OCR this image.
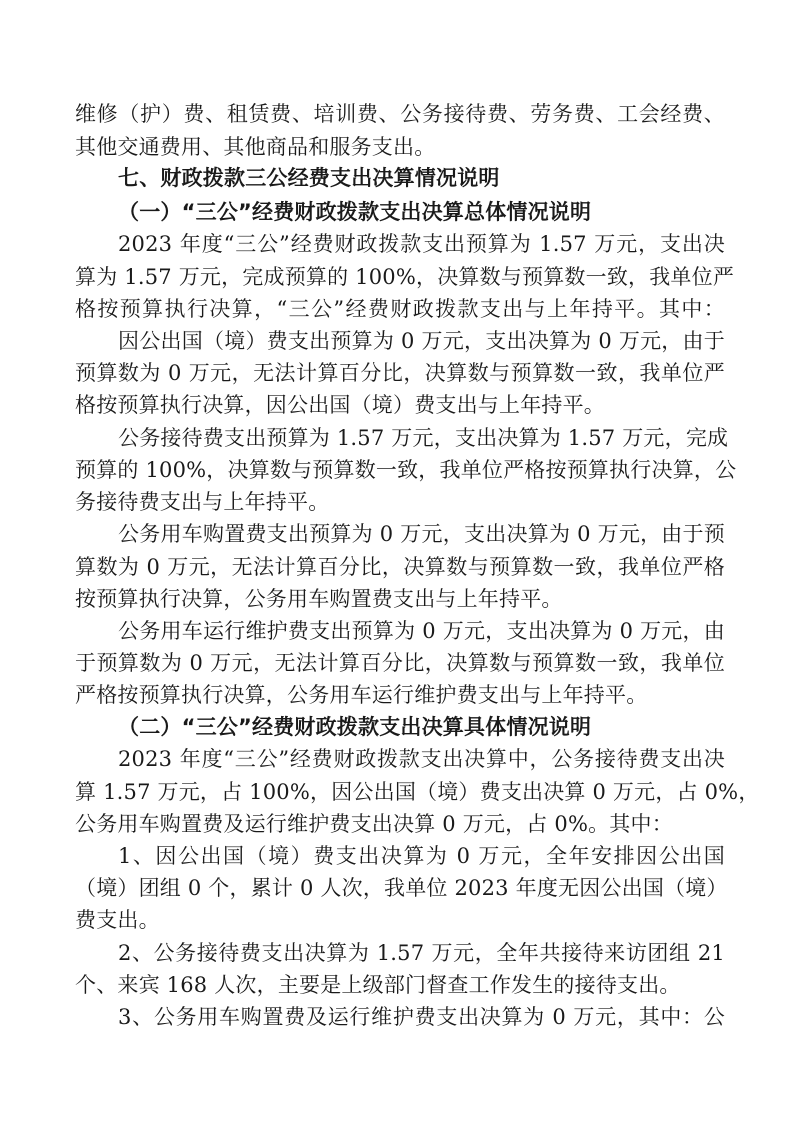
维修（护）费、租赁费、培训费、公务接待费、劳务费、工会经费、
其他交通费用、其他商品和服务支出。
七、财政拨款三公经费支出决算情况说明
（一）“三公”经费财政拨款支出决算总体情况说明
2023 年度“三公”经费财政拨款支出预算为 1.57 万元，支出决
算为 1.57 万元，完成预算的 100%，决算数与预算数一致，我单位严
格按预算执行决算，“三公”经费财政拨款支出与上年持平。其中：
因公出国（境）费支出预算为 0 万元，支出决算为 0 万元，由于
预算数为 0 万元，无法计算百分比，决算数与预算数一致，我单位严
格按预算执行决算，因公出国（境）费支出与上年持平。
公务接待费支出预算为 1.57 万元，支出决算为 1.57 万元，完成
预算的 100%，决算数与预算数一致，我单位严格按预算执行决算，公
务接待费支出与上年持平。
公务用车购置费支出预算为 0 万元，支出决算为 0 万元，由于预
算数为 0 万元，无法计算百分比，决算数与预算数一致，我单位严格
按预算执行决算，公务用车购置费支出与上年持平。
公务用车运行维护费支出预算为 0 万元，支出决算为 0 万元，由
于预算数为 0 万元，无法计算百分比，决算数与预算数一致，我单位
严格按预算执行决算，公务用车运行维护费支出与上年持平。
（二）“三公”经费财政拨款支出决算具体情况说明
2023 年度“三公”经费财政拨款支出决算中，公务接待费支出决
算 1.57 万元，占 100%，因公出国（境）费支出决算 0 万元，占 0%，
公务用车购置费及运行维护费支出决算 0 万元，占 0%。其中：
1、因公出国（境）费支出决算为 0 万元，全年安排因公出国
（境）团组 0 个，累计 0 人次，我单位 2023 年度无因公出国（境）
费支出。
2、公务接待费支出决算为 1.57 万元，全年共接待来访团组 21
个、来宾 168 人次，主要是上级部门督查工作发生的接待支出。
3、公务用车购置费及运行维护费支出决算为 0 万元，其中：公
